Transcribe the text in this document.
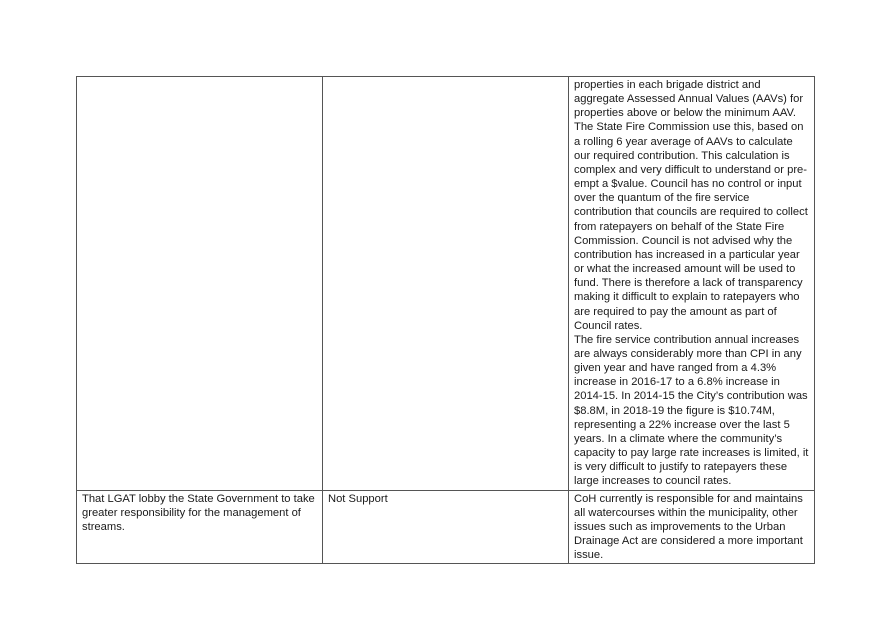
		properties in each brigade district and aggregate Assessed Annual Values (AAVs) for properties above or below the minimum AAV. The State Fire Commission use this, based on a rolling 6 year average of AAVs to calculate our required contribution. This calculation is complex and very difficult to understand or pre-empt a $value. Council has no control or input over the quantum of the fire service contribution that councils are required to collect from ratepayers on behalf of the State Fire Commission. Council is not advised why the contribution has increased in a particular year or what the increased amount will be used to fund. There is therefore a lack of transparency making it difficult to explain to ratepayers who are required to pay the amount as part of Council rates.
The fire service contribution annual increases are always considerably more than CPI in any given year and have ranged from a 4.3% increase in 2016-17 to a 6.8% increase in 2014-15. In 2014-15 the City’s contribution was $8.8M, in 2018-19 the figure is $10.74M, representing a 22% increase over the last 5 years. In a climate where the community’s capacity to pay large rate increases is limited, it is very difficult to justify to ratepayers these large increases to council rates.

That LGAT lobby the State Government to take greater responsibility for the management of streams.	Not Support	CoH currently is responsible for and maintains all watercourses within the municipality, other issues such as improvements to the Urban Drainage Act are considered a more important issue.
